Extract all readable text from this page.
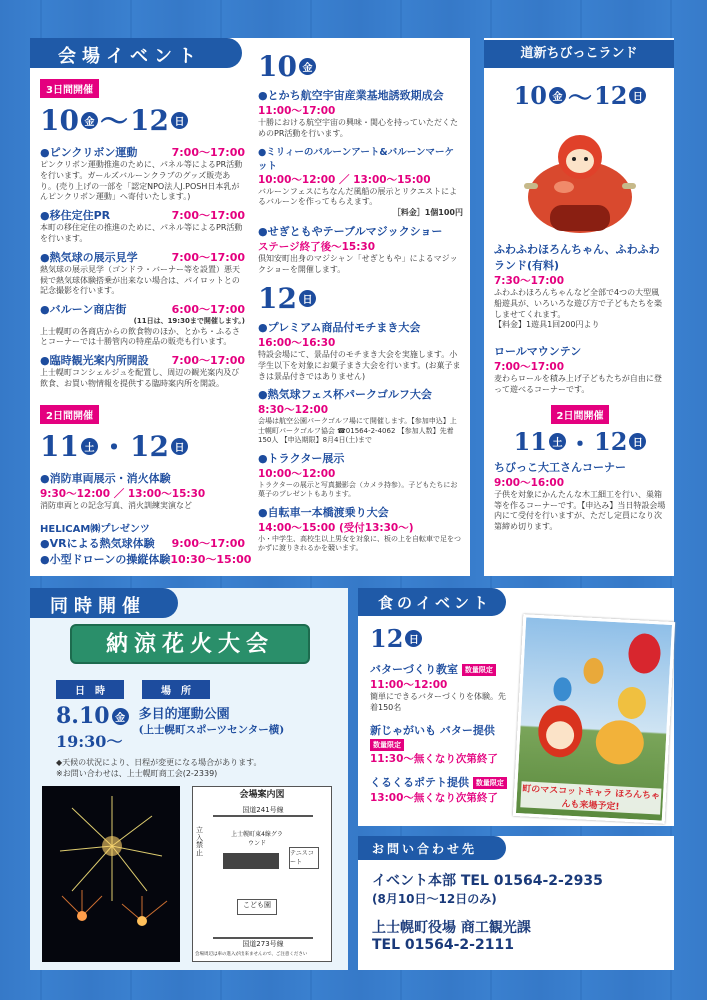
会場イベント
3日間開催
10 金 〜 12 日
●ピンクリボン運動	7:00〜17:00
ピンクリボン運動推進のために、パネル等によるPR活動を行います。ガールズバルーンクラブのグッズ販売あり。(売り上げの一部を「認定NPO法人J.POSH日本乳がんピンクリボン運動」へ寄付いたします。)
●移住定住PR	7:00〜17:00
本町の移住定住の推進のために、パネル等によるPR活動を行います。
●熱気球の展示見学	7:00〜17:00
熱気球の展示見学（ゴンドラ・バーナー等を設置）悪天候で熱気球体験搭乗が出来ない場合は、パイロットとの記念撮影を行います。
●バルーン商店街	6:00〜17:00
(11日は、19:30まで開催します。)
上士幌町の各商店からの飲食物のほか、とかち・ふるさとコーナーでは十勝管内の特産品の販売も行います。
●臨時観光案内所開設 7:00〜17:00
上士幌町コンシェルジュを配置し、周辺の観光案内及び飲食、お買い物情報を提供する臨時案内所を開設。
2日間開催
11 土 ・ 12 日
●消防車両展示・消火体験
9:30〜12:00 ／ 13:00〜15:30
消防車両との記念写真、消火訓練実演など
HELICAM㈱プレゼンツ
●VRによる熱気球体験 9:00〜17:00
●小型ドローンの操縦体験 10:30〜15:00
10 金
●とかち航空宇宙産業基地誘致期成会
11:00〜17:00
十勝における航空宇宙の興味・関心を持っていただくためのPR活動を行います。
●ミリィーのバルーンアート&バルーンマーケット
10:00〜12:00 ／ 13:00〜15:00
バルーンフェスにちなんだ風船の展示とリクエストによるバルーンを作ってもらえます。
［料金］1個100円
●せぎともやテーブルマジックショー
ステージ終了後〜15:30
倶知安町出身のマジシャン「せぎともや」によるマジックショーを開催します。
12 日
●プレミアム商品付モチまき大会
16:00〜16:30
特設会場にて、景品付のモチまき大会を実施します。小学生以下を対象にお菓子まき大会を行います。(お菓子まきは景品付きではありません)
●熱気球フェス杯パークゴルフ大会
8:30〜12:00
会場は航空公園パークゴルフ場にて開催します。【参加申込】上士幌町パークゴルフ協会 ☎01564-2-4062 【参加人数】先着150人 【申込期限】8月4日(土)まで
●トラクター展示
10:00〜12:00
トラクターの展示と写真撮影会（カメラ持参）。子どもたちにお菓子のプレゼントもあります。
●自転車一本橋渡乗り大会
14:00〜15:00 (受付13:30〜)
小・中学生、高校生以上男女を対象に、板の上を自転車で足をつかずに渡りきれるかを競います。
道新ちびっこランド
10 金 〜 12 日
ふわふわほろんちゃん、ふわふわランド(有料)
7:30〜17:00
ふわふわほろんちゃんなど全部で4つの大型風船遊具が、いろいろな遊び方で子どもたちを楽しませてくれます。
【料金】1遊具1回200円より
ロールマウンテン
7:00〜17:00
麦わらロールを積み上げ子どもたちが自由に登って遊べるコーナーです。
2日間開催
11 土 ・ 12 日
ちびっこ大工さんコーナー
9:00〜16:00
子供を対象にかんたんな木工細工を行い、巣箱等を作るコーナーです。【申込み】当日特設会場内にて受付を行いますが、ただし定員になり次第締め切ります。
同時開催
納涼花火大会
日　時	場　所
8.10 金
19:30〜
多目的運動公園
(上士幌町スポーツセンター横)
◆天候の状況により、日程が変更になる場合があります。
※お問い合わせは、上士幌町商工会(2-2339)
会場案内図
国道241号線
立入禁止
上士幌町東4線グラウンド
テニスコート
こども園
国道273号線
会場周辺は車の進入が出来ませんので、ご注意ください
食のイベント
12 日
バターづくり教室 数量限定
11:00〜12:00
簡単にできるバターづくりを体験。先着150名
新じゃがいも バター提供 数量限定
11:30〜無くなり次第終了
くるくるポテト提供 数量限定
13:00〜無くなり次第終了	町のマスコットキャラ ほろんちゃんも来場予定!
お問い合わせ先
イベント本部 TEL 01564-2-2935
(8月10日〜12日のみ)
上士幌町役場 商工観光課
TEL 01564-2-2111
